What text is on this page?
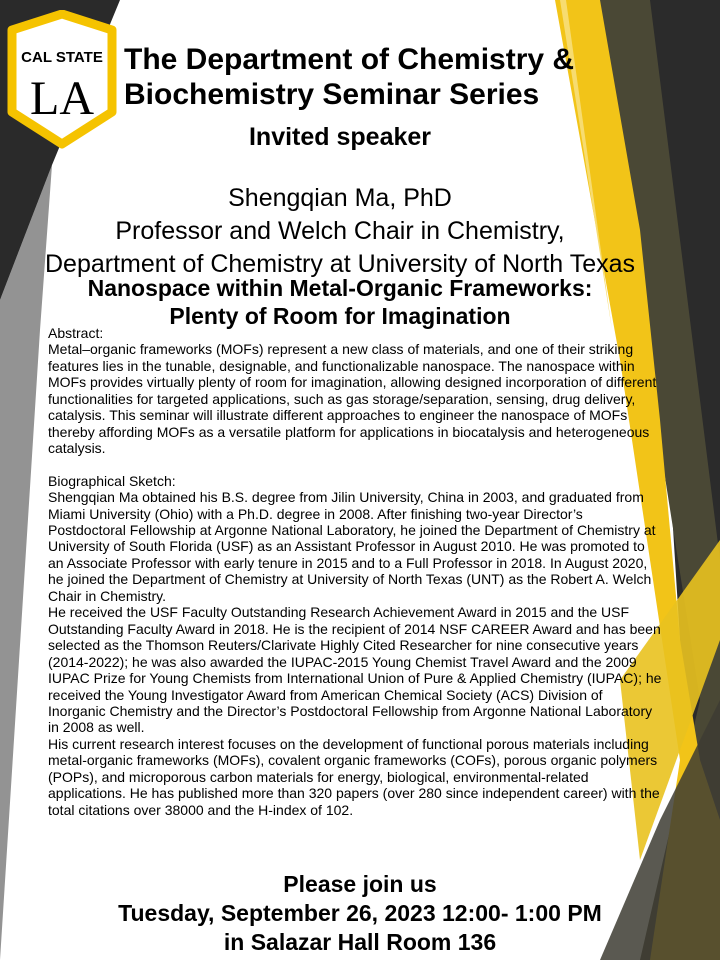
CAL STATE
LA
The Department of Chemistry &
Biochemistry Seminar Series
Invited speaker
Shengqian Ma, PhD
Professor and Welch Chair in Chemistry,
Department of Chemistry at University of North Texas
Nanospace within Metal-Organic Frameworks:
Plenty of Room for Imagination

Abstract:

Metal–organic frameworks (MOFs) represent a new class of materials, and one of their striking features lies in the tunable, designable, and functionalizable nanospace. The nanospace within MOFs provides virtually plenty of room for imagination, allowing designed incorporation of different functionalities for targeted applications, such as gas storage/separation, sensing, drug delivery, catalysis. This seminar will illustrate different approaches to engineer the nanospace of MOFs thereby affording MOFs as a versatile platform for applications in biocatalysis and heterogeneous catalysis.

Biographical Sketch:

Shengqian Ma obtained his B.S. degree from Jilin University, China in 2003, and graduated from Miami University (Ohio) with a Ph.D. degree in 2008. After finishing two-year Director’s Postdoctoral Fellowship at Argonne National Laboratory, he joined the Department of Chemistry at University of South Florida (USF) as an Assistant Professor in August 2010. He was promoted to an Associate Professor with early tenure in 2015 and to a Full Professor in 2018. In August 2020, he joined the Department of Chemistry at University of North Texas (UNT) as the Robert A. Welch Chair in Chemistry.

He received the USF Faculty Outstanding Research Achievement Award in 2015 and the USF Outstanding Faculty Award in 2018. He is the recipient of 2014 NSF CAREER Award and has been selected as the Thomson Reuters/Clarivate Highly Cited Researcher for nine consecutive years (2014-2022); he was also awarded the IUPAC-2015 Young Chemist Travel Award and the 2009 IUPAC Prize for Young Chemists from International Union of Pure & Applied Chemistry (IUPAC); he received the Young Investigator Award from American Chemical Society (ACS) Division of Inorganic Chemistry and the Director’s Postdoctoral Fellowship from Argonne National Laboratory in 2008 as well.

His current research interest focuses on the development of functional porous materials including metal-organic frameworks (MOFs), covalent organic frameworks (COFs), porous organic polymers (POPs), and microporous carbon materials for energy, biological, environmental-related applications. He has published more than 320 papers (over 280 since independent career) with the total citations over 38000 and the H-index of 102.

Please join us
Tuesday, September 26, 2023 12:00- 1:00 PM
in Salazar Hall Room 136
